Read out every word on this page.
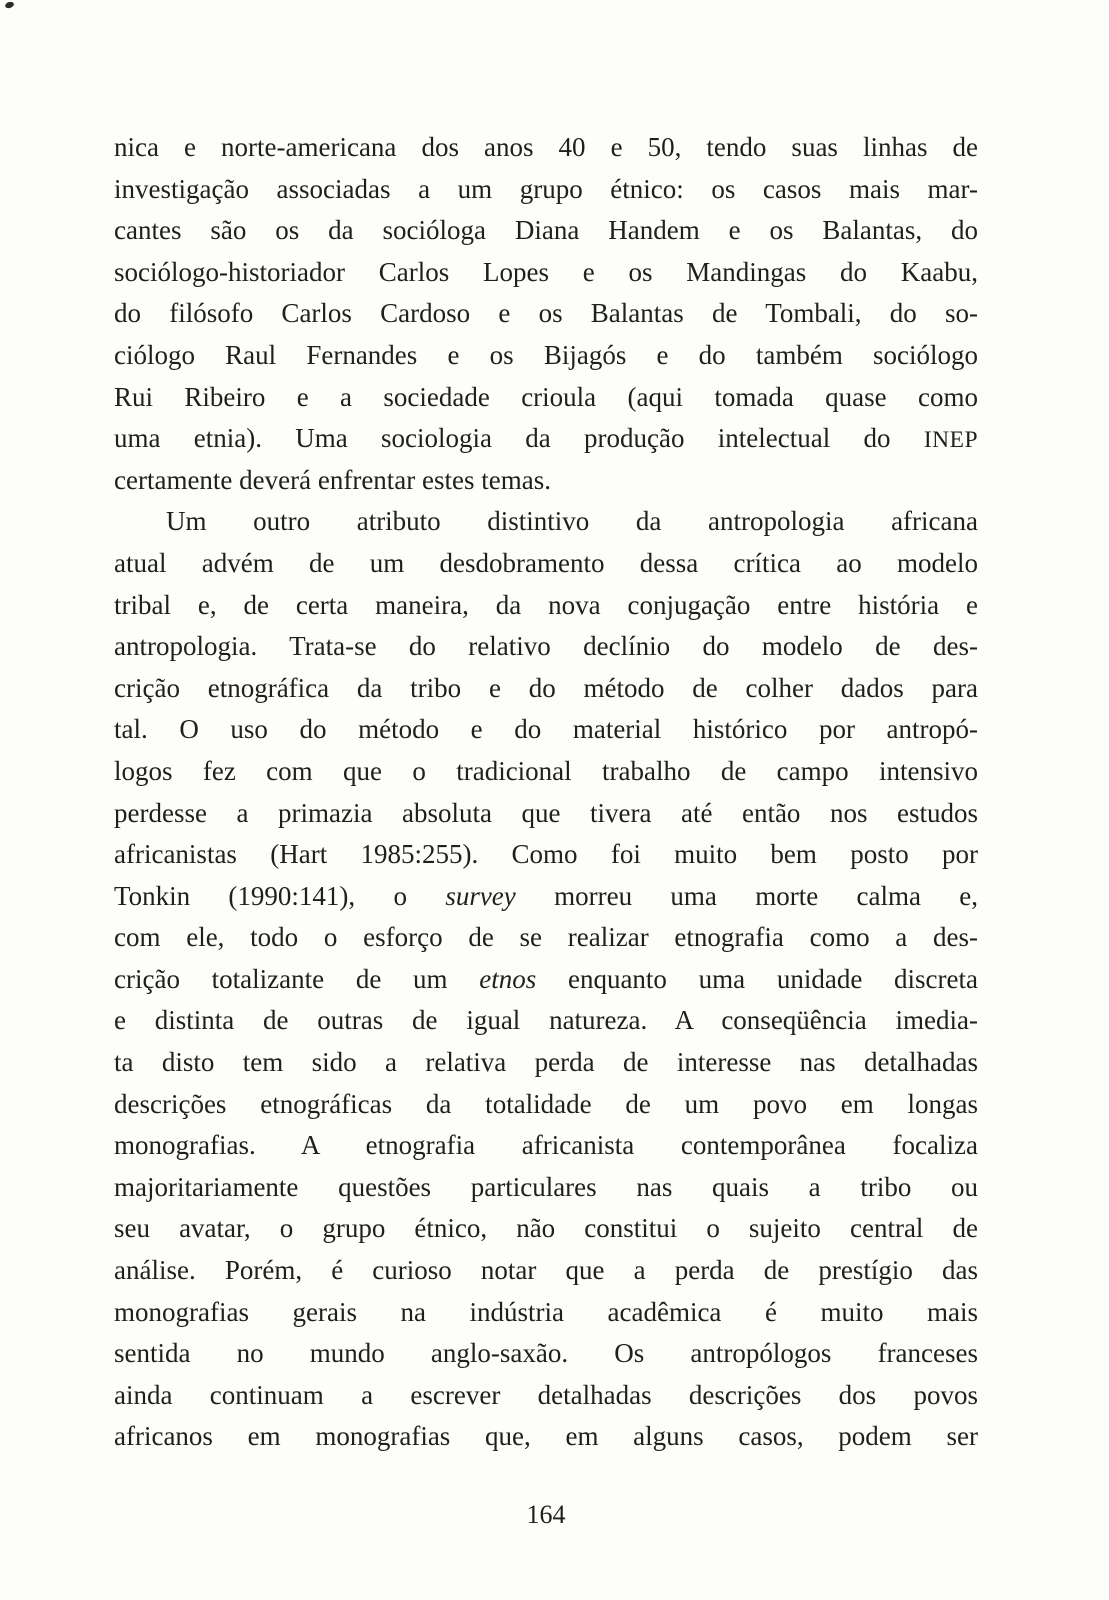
nica e norte-americana dos anos 40 e 50, tendo suas linhas de
investigação associadas a um grupo étnico: os casos mais mar-
cantes são os da socióloga Diana Handem e os Balantas, do
sociólogo-historiador Carlos Lopes e os Mandingas do Kaabu,
do filósofo Carlos Cardoso e os Balantas de Tombali, do so-
ciólogo Raul Fernandes e os Bijagós e do também sociólogo
Rui Ribeiro e a sociedade crioula (aqui tomada quase como
uma etnia). Uma sociologia da produção intelectual do INEP
certamente deverá enfrentar estes temas.
Um outro atributo distintivo da antropologia africana
atual advém de um desdobramento dessa crítica ao modelo
tribal e, de certa maneira, da nova conjugação entre história e
antropologia. Trata-se do relativo declínio do modelo de des-
crição etnográfica da tribo e do método de colher dados para
tal. O uso do método e do material histórico por antropó-
logos fez com que o tradicional trabalho de campo intensivo
perdesse a primazia absoluta que tivera até então nos estudos
africanistas (Hart 1985:255). Como foi muito bem posto por
Tonkin (1990:141), o survey morreu uma morte calma e,
com ele, todo o esforço de se realizar etnografia como a des-
crição totalizante de um etnos enquanto uma unidade discreta
e distinta de outras de igual natureza. A conseqüência imedia-
ta disto tem sido a relativa perda de interesse nas detalhadas
descrições etnográficas da totalidade de um povo em longas
monografias. A etnografia africanista contemporânea focaliza
majoritariamente questões particulares nas quais a tribo ou
seu avatar, o grupo étnico, não constitui o sujeito central de
análise. Porém, é curioso notar que a perda de prestígio das
monografias gerais na indústria acadêmica é muito mais
sentida no mundo anglo-saxão. Os antropólogos franceses
ainda continuam a escrever detalhadas descrições dos povos
africanos em monografias que, em alguns casos, podem ser
164
